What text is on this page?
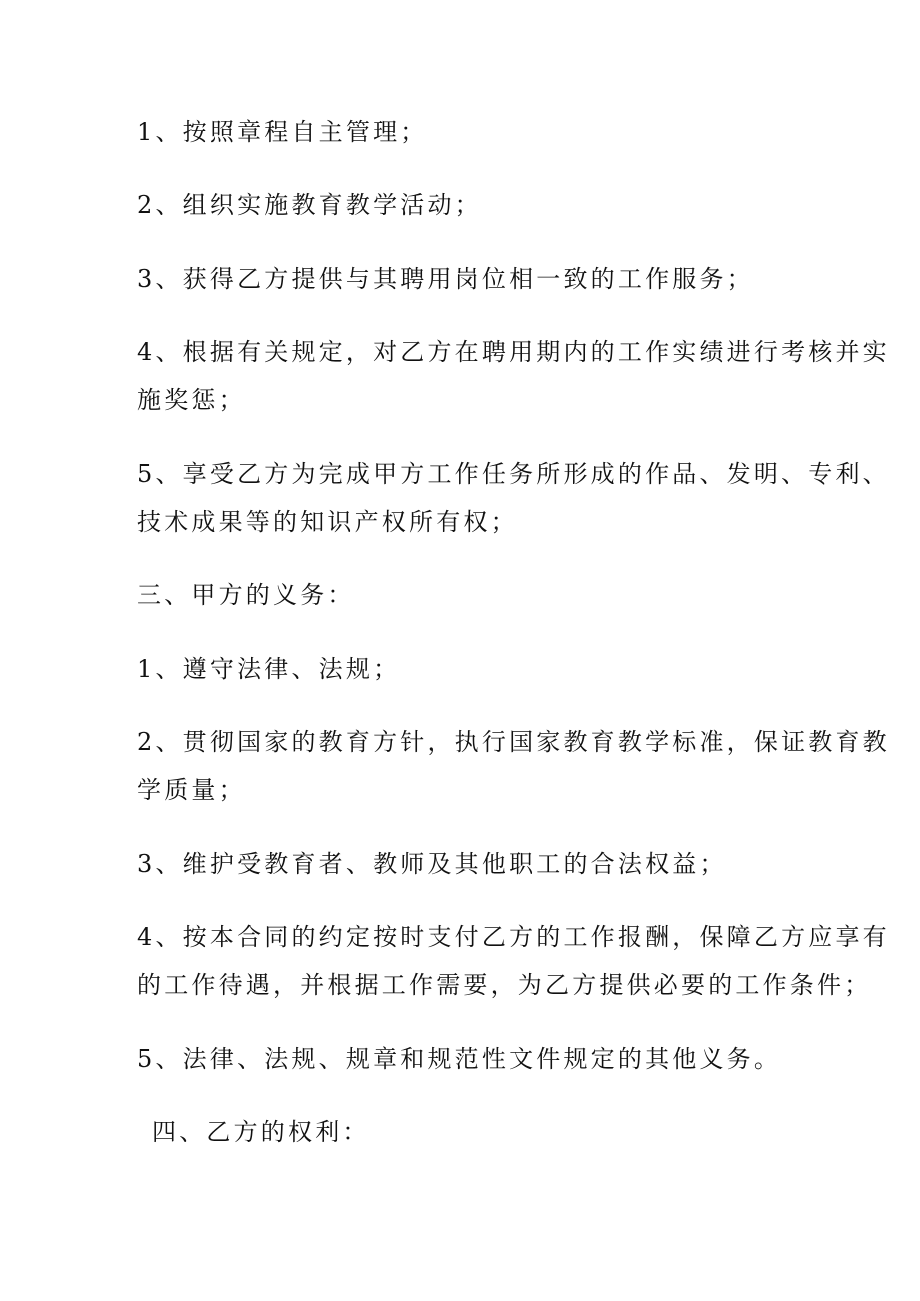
1、按照章程自主管理；
2、组织实施教育教学活动；
3、获得乙方提供与其聘用岗位相一致的工作服务；
4、根据有关规定，对乙方在聘用期内的工作实绩进行考核并实
施奖惩；
5、享受乙方为完成甲方工作任务所形成的作品、发明、专利、
技术成果等的知识产权所有权；
三、甲方的义务：
1、遵守法律、法规；
2、贯彻国家的教育方针，执行国家教育教学标准，保证教育教
学质量；
3、维护受教育者、教师及其他职工的合法权益；
4、按本合同的约定按时支付乙方的工作报酬，保障乙方应享有
的工作待遇，并根据工作需要，为乙方提供必要的工作条件；
5、法律、法规、规章和规范性文件规定的其他义务。
四、乙方的权利：
